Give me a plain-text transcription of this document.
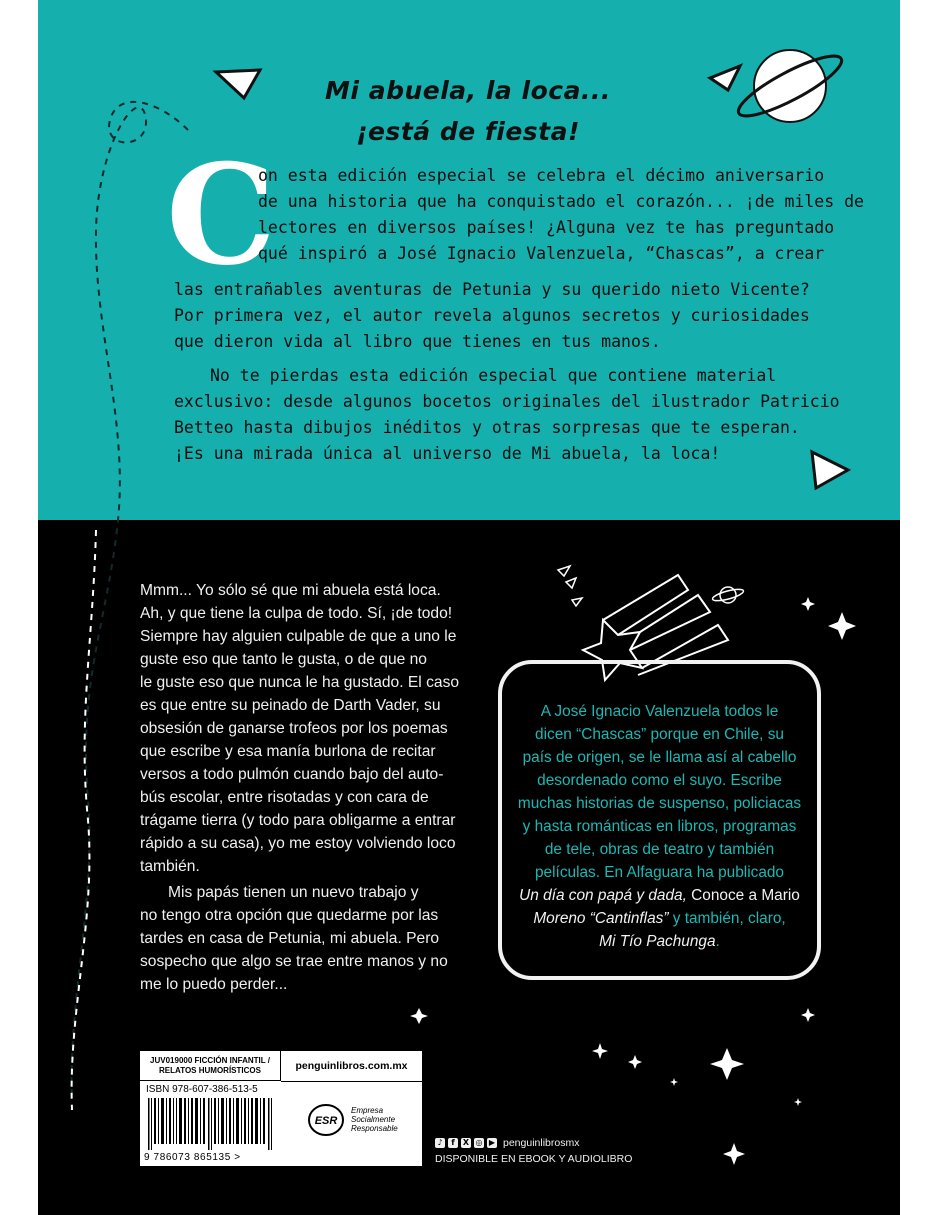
Mi abuela, la loca...
¡está de fiesta!
C
on esta edición especial se celebra el décimo aniversario
de una historia que ha conquistado el corazón... ¡de miles de
lectores en diversos países! ¿Alguna vez te has preguntado
qué inspiró a José Ignacio Valenzuela, “Chascas”, a crear
las entrañables aventuras de Petunia y su querido nieto Vicente?
Por primera vez, el autor revela algunos secretos y curiosidades
que dieron vida al libro que tienes en tus manos.
No te pierdas esta edición especial que contiene material
exclusivo: desde algunos bocetos originales del ilustrador Patricio
Betteo hasta dibujos inéditos y otras sorpresas que te esperan.
¡Es una mirada única al universo de Mi abuela, la loca!
Mmm... Yo sólo sé que mi abuela está loca.
Ah, y que tiene la culpa de todo. Sí, ¡de todo!
Siempre hay alguien culpable de que a uno le
guste eso que tanto le gusta, o de que no
le guste eso que nunca le ha gustado. El caso
es que entre su peinado de Darth Vader, su
obsesión de ganarse trofeos por los poemas
que escribe y esa manía burlona de recitar
versos a todo pulmón cuando bajo del auto-
bús escolar, entre risotadas y con cara de
trágame tierra (y todo para obligarme a entrar
rápido a su casa), yo me estoy volviendo loco
también.
Mis papás tienen un nuevo trabajo y
no tengo otra opción que quedarme por las
tardes en casa de Petunia, mi abuela. Pero
sospecho que algo se trae entre manos y no
me lo puedo perder...
A José Ignacio Valenzuela todos le
dicen “Chascas” porque en Chile, su
país de origen, se le llama así al cabello
desordenado como el suyo. Escribe
muchas historias de suspenso, policiacas
y hasta románticas en libros, programas
de tele, obras de teatro y también
películas. En Alfaguara ha publicado
Un día con papá y dada, Conoce a Mario
Moreno “Cantinflas” y también, claro,
Mi Tío Pachunga.
JUV019000 FICCIÓN INFANTIL / RELATOS HUMORÍSTICOS	penguinlibros.com.mx
ISBN 978-607-386-513-5
9 786073 865135 >
ESR
Empresa
Socialmente
Responsable
♪	f	X ◎ ▶ penguinlibrosmx
DISPONIBLE EN EBOOK Y AUDIOLIBRO
